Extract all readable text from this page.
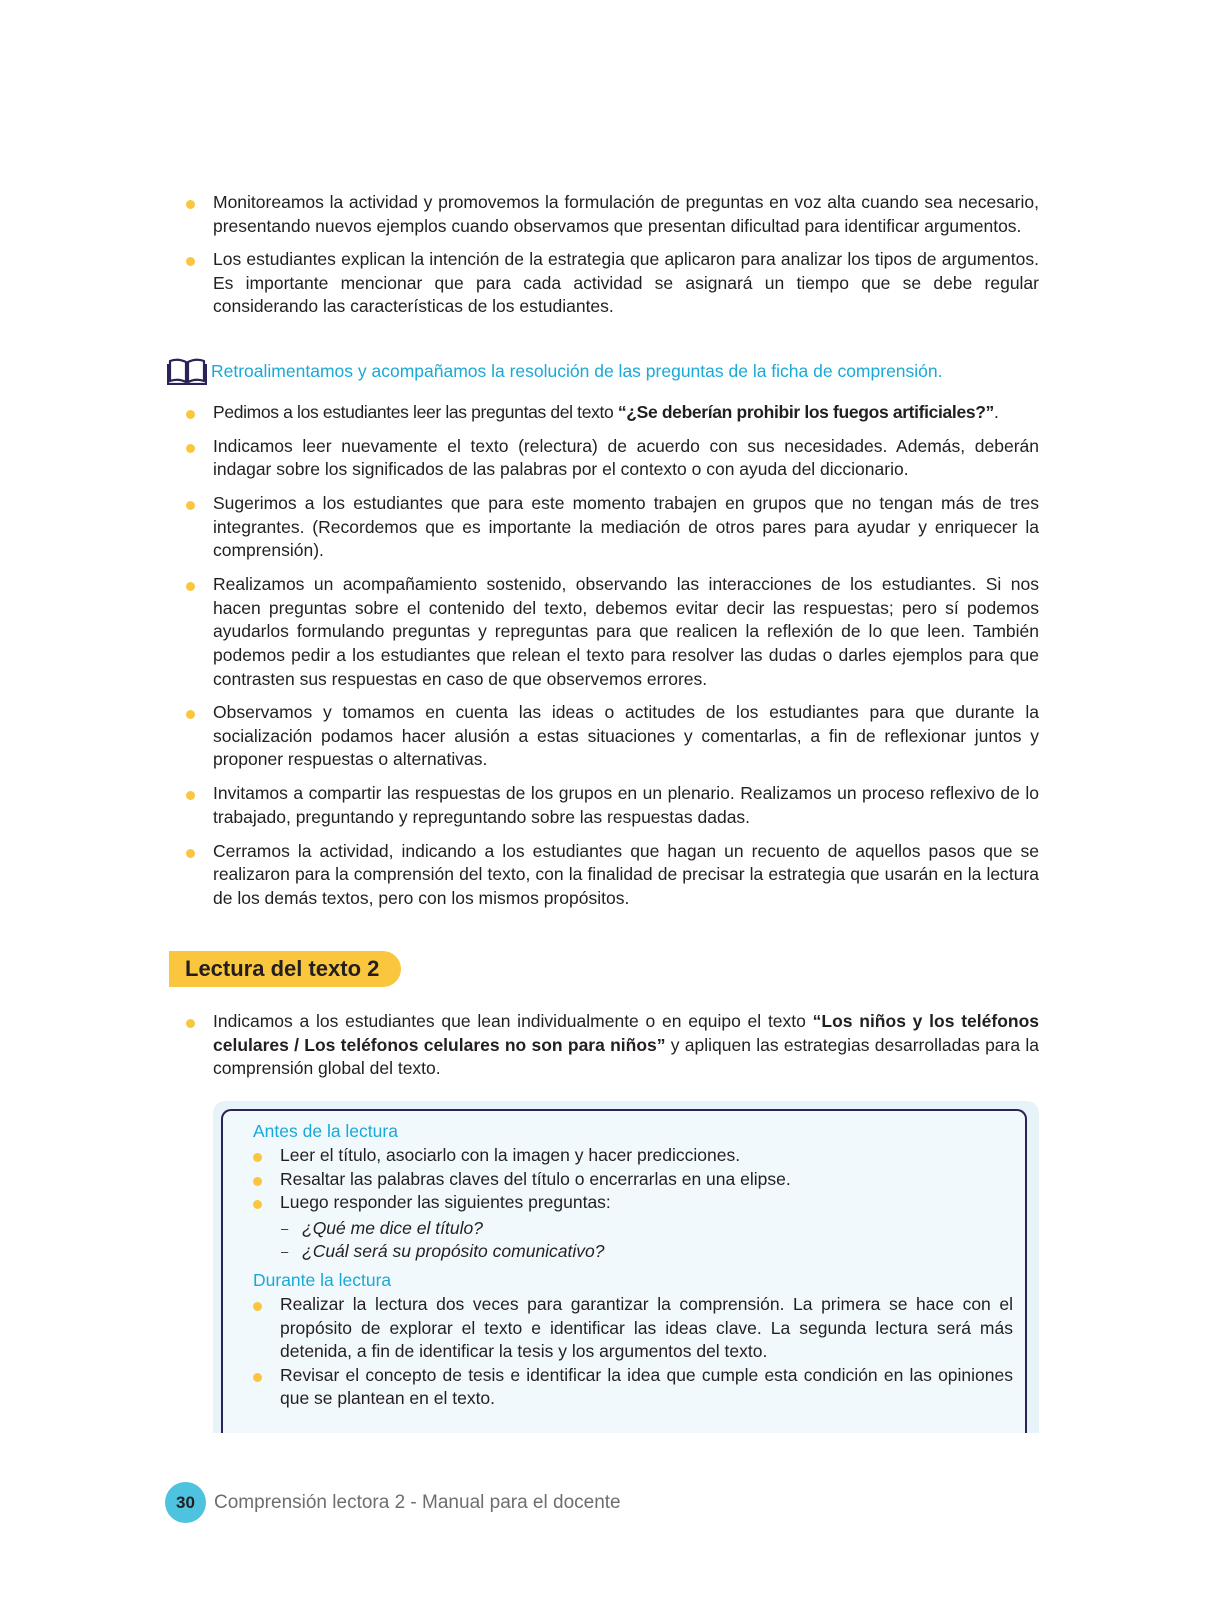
Monitoreamos la actividad y promovemos la formulación de preguntas en voz alta cuando sea necesario, presentando nuevos ejemplos cuando observamos que presentan dificultad para identificar argumentos.
Los estudiantes explican la intención de la estrategia que aplicaron para analizar los tipos de argumentos. Es importante mencionar que para cada actividad se asignará un tiempo que se debe regular considerando las características de los estudiantes.
Retroalimentamos y acompañamos la resolución de las preguntas de la ficha de comprensión.
Pedimos a los estudiantes leer las preguntas del texto “¿Se deberían prohibir los fuegos artificiales?”.
Indicamos leer nuevamente el texto (relectura) de acuerdo con sus necesidades. Además, deberán indagar sobre los significados de las palabras por el contexto o con ayuda del diccionario.
Sugerimos a los estudiantes que para este momento trabajen en grupos que no tengan más de tres integrantes. (Recordemos que es importante la mediación de otros pares para ayudar y enriquecer la comprensión).
Realizamos un acompañamiento sostenido, observando las interacciones de los estudiantes. Si nos hacen preguntas sobre el contenido del texto, debemos evitar decir las respuestas; pero sí podemos ayudarlos formulando preguntas y repreguntas para que realicen la reflexión de lo que leen. También podemos pedir a los estudiantes que relean el texto para resolver las dudas o darles ejemplos para que contrasten sus respuestas en caso de que observemos errores.
Observamos y tomamos en cuenta las ideas o actitudes de los estudiantes para que durante la socialización podamos hacer alusión a estas situaciones y comentarlas, a fin de reflexionar juntos y proponer respuestas o alternativas.
Invitamos a compartir las respuestas de los grupos en un plenario. Realizamos un proceso reflexivo de lo trabajado, preguntando y repreguntando sobre las respuestas dadas.
Cerramos la actividad, indicando a los estudiantes que hagan un recuento de aquellos pasos que se realizaron para la comprensión del texto, con la finalidad de precisar la estrategia que usarán en la lectura de los demás textos, pero con los mismos propósitos.
Lectura del texto 2
Indicamos a los estudiantes que lean individualmente o en equipo el texto “Los niños y los teléfonos celulares / Los teléfonos celulares no son para niños” y apliquen las estrategias desarrolladas para la comprensión global del texto.

Antes de la lectura

Leer el título, asociarlo con la imagen y hacer predicciones.
Resaltar las palabras claves del título o encerrarlas en una elipse.
Luego responder las siguientes preguntas:
– ¿Qué me dice el título?
– ¿Cuál será su propósito comunicativo?

Durante la lectura

Realizar la lectura dos veces para garantizar la comprensión. La primera se hace con el propósito de explorar el texto e identificar las ideas clave. La segunda lectura será más detenida, a fin de identificar la tesis y los argumentos del texto.
Revisar el concepto de tesis e identificar la idea que cumple esta condición en las opiniones que se plantean en el texto.
30	Comprensión lectora 2 - Manual para el docente
